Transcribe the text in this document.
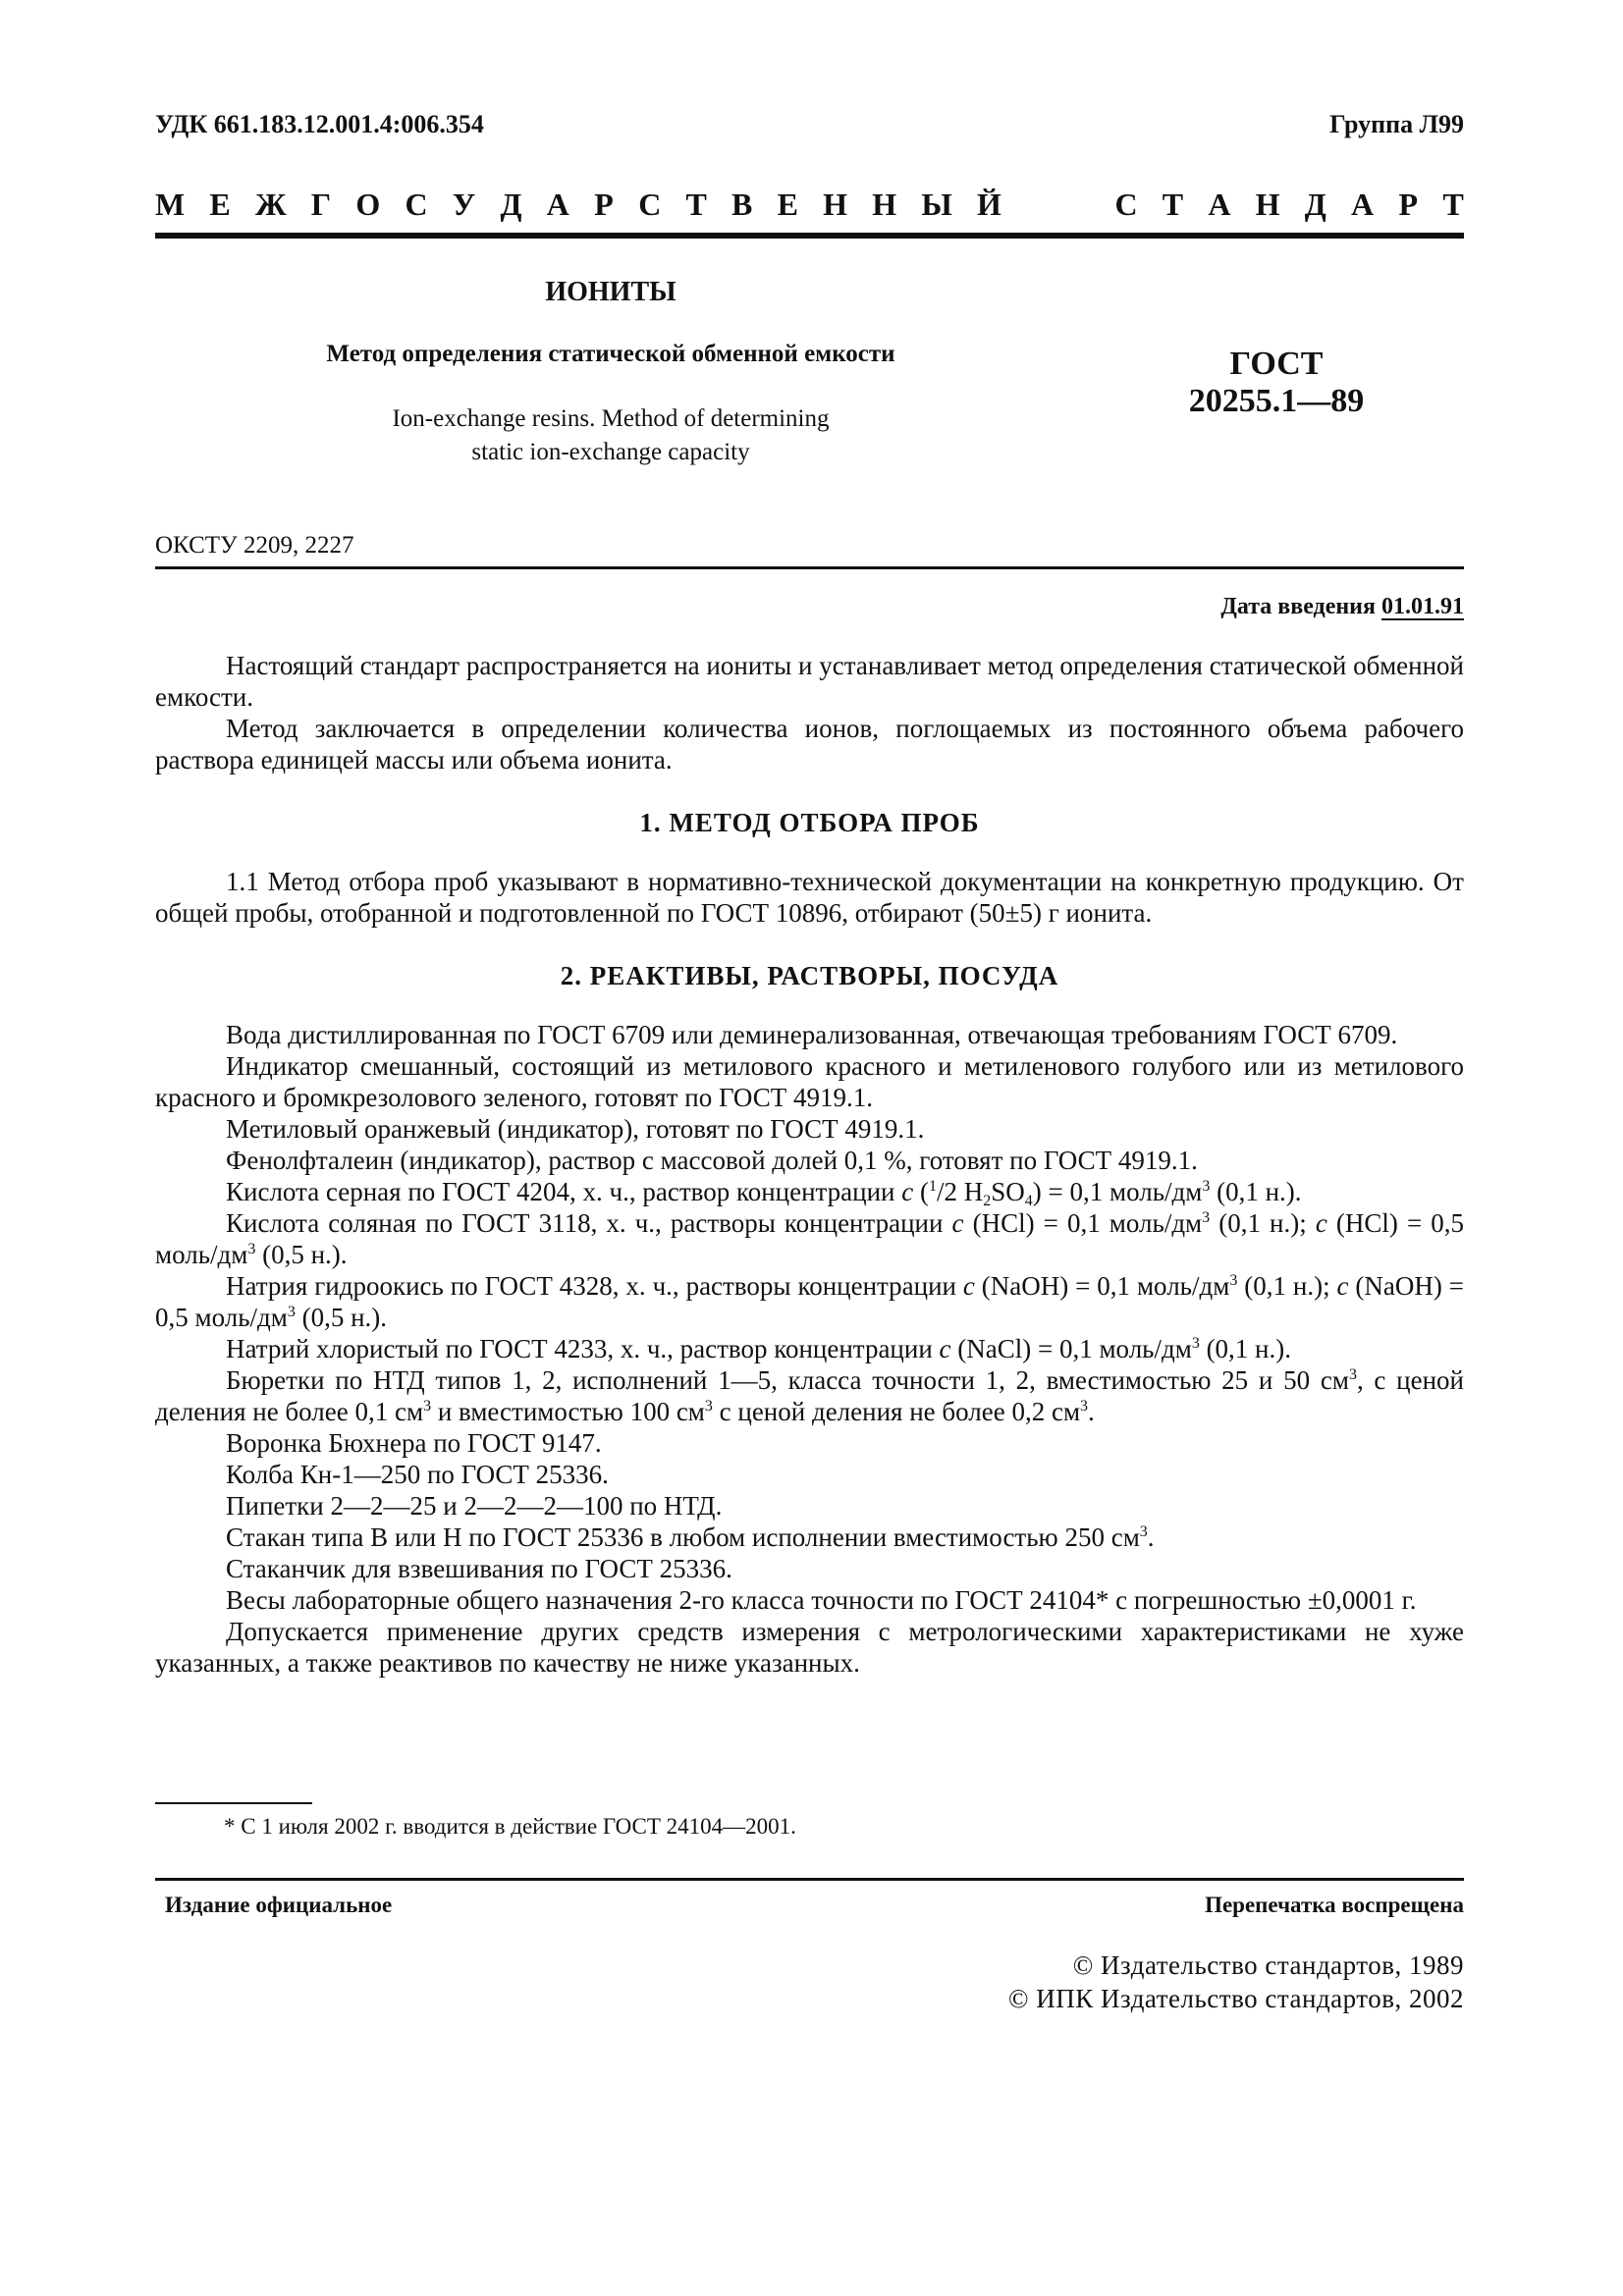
УДК 661.183.12.001.4:006.354	Группа Л99
М Е Ж Г О С У Д А Р С Т В Е Н Н Ы Й	С Т А Н Д А Р Т
ИОНИТЫ
Метод определения статической обменной емкости
Ion-exchange resins. Method of determining
static ion-exchange capacity
ГОСТ
20255.1—89
ОКСТУ 2209, 2227
Дата введения 01.01.91

Настоящий стандарт распространяется на иониты и устанавливает метод определения статической обменной емкости.

Метод заключается в определении количества ионов, поглощаемых из постоянного объема рабочего раствора единицей массы или объема ионита.

1. МЕТОД ОТБОРА ПРОБ

1.1 Метод отбора проб указывают в нормативно-технической документации на конкретную продукцию. От общей пробы, отобранной и подготовленной по ГОСТ 10896, отбирают (50±5) г ионита.

2. РЕАКТИВЫ, РАСТВОРЫ, ПОСУДА

Вода дистиллированная по ГОСТ 6709 или деминерализованная, отвечающая требованиям ГОСТ 6709.

Индикатор смешанный, состоящий из метилового красного и метиленового голубого или из метилового красного и бромкрезолового зеленого, готовят по ГОСТ 4919.1.

Метиловый оранжевый (индикатор), готовят по ГОСТ 4919.1.

Фенолфталеин (индикатор), раствор с массовой долей 0,1 %, готовят по ГОСТ 4919.1.

Кислота серная по ГОСТ 4204, х. ч., раствор концентрации c ($^1$/2 $H_2SO_4) = 0,1$ моль/$дм^3$ (0,1 н.).

Кислота соляная по ГОСТ 3118, х. ч., растворы концентрации c (HCl) = 0,1 моль/$дм^3$ (0,1 н.); c (HCl) = 0,5 моль/$дм^3$ (0,5 н.).

Натрия гидроокись по ГОСТ 4328, х. ч., растворы концентрации c (NaOH) = 0,1 моль/$дм^3$ (0,1 н.); c (NaOH) = 0,5 моль/$дм^3$ (0,5 н.).

Натрий хлористый по ГОСТ 4233, х. ч., раствор концентрации c (NaCl) = 0,1 моль/$дм^3$ (0,1 н.).

Бюретки по НТД типов 1, 2, исполнений 1—5, класса точности 1, 2, вместимостью 25 и 50 $см^3$, с ценой деления не более 0,1 $см^3$ и вместимостью 100 $см^3$ с ценой деления не более 0,2 $см^3$.

Воронка Бюхнера по ГОСТ 9147.

Колба Кн-1—250 по ГОСТ 25336.

Пипетки 2—2—25 и 2—2—2—100 по НТД.

Стакан типа В или Н по ГОСТ 25336 в любом исполнении вместимостью 250 $см^3$.

Стаканчик для взвешивания по ГОСТ 25336.

Весы лабораторные общего назначения 2-го класса точности по ГОСТ 24104* с погрешностью ±0,0001 г.

Допускается применение других средств измерения с метрологическими характеристиками не хуже указанных, а также реактивов по качеству не ниже указанных.

* С 1 июля 2002 г. вводится в действие ГОСТ 24104—2001.
Издание официальное	Перепечатка воспрещена
© Издательство стандартов, 1989
© ИПК Издательство стандартов, 2002
